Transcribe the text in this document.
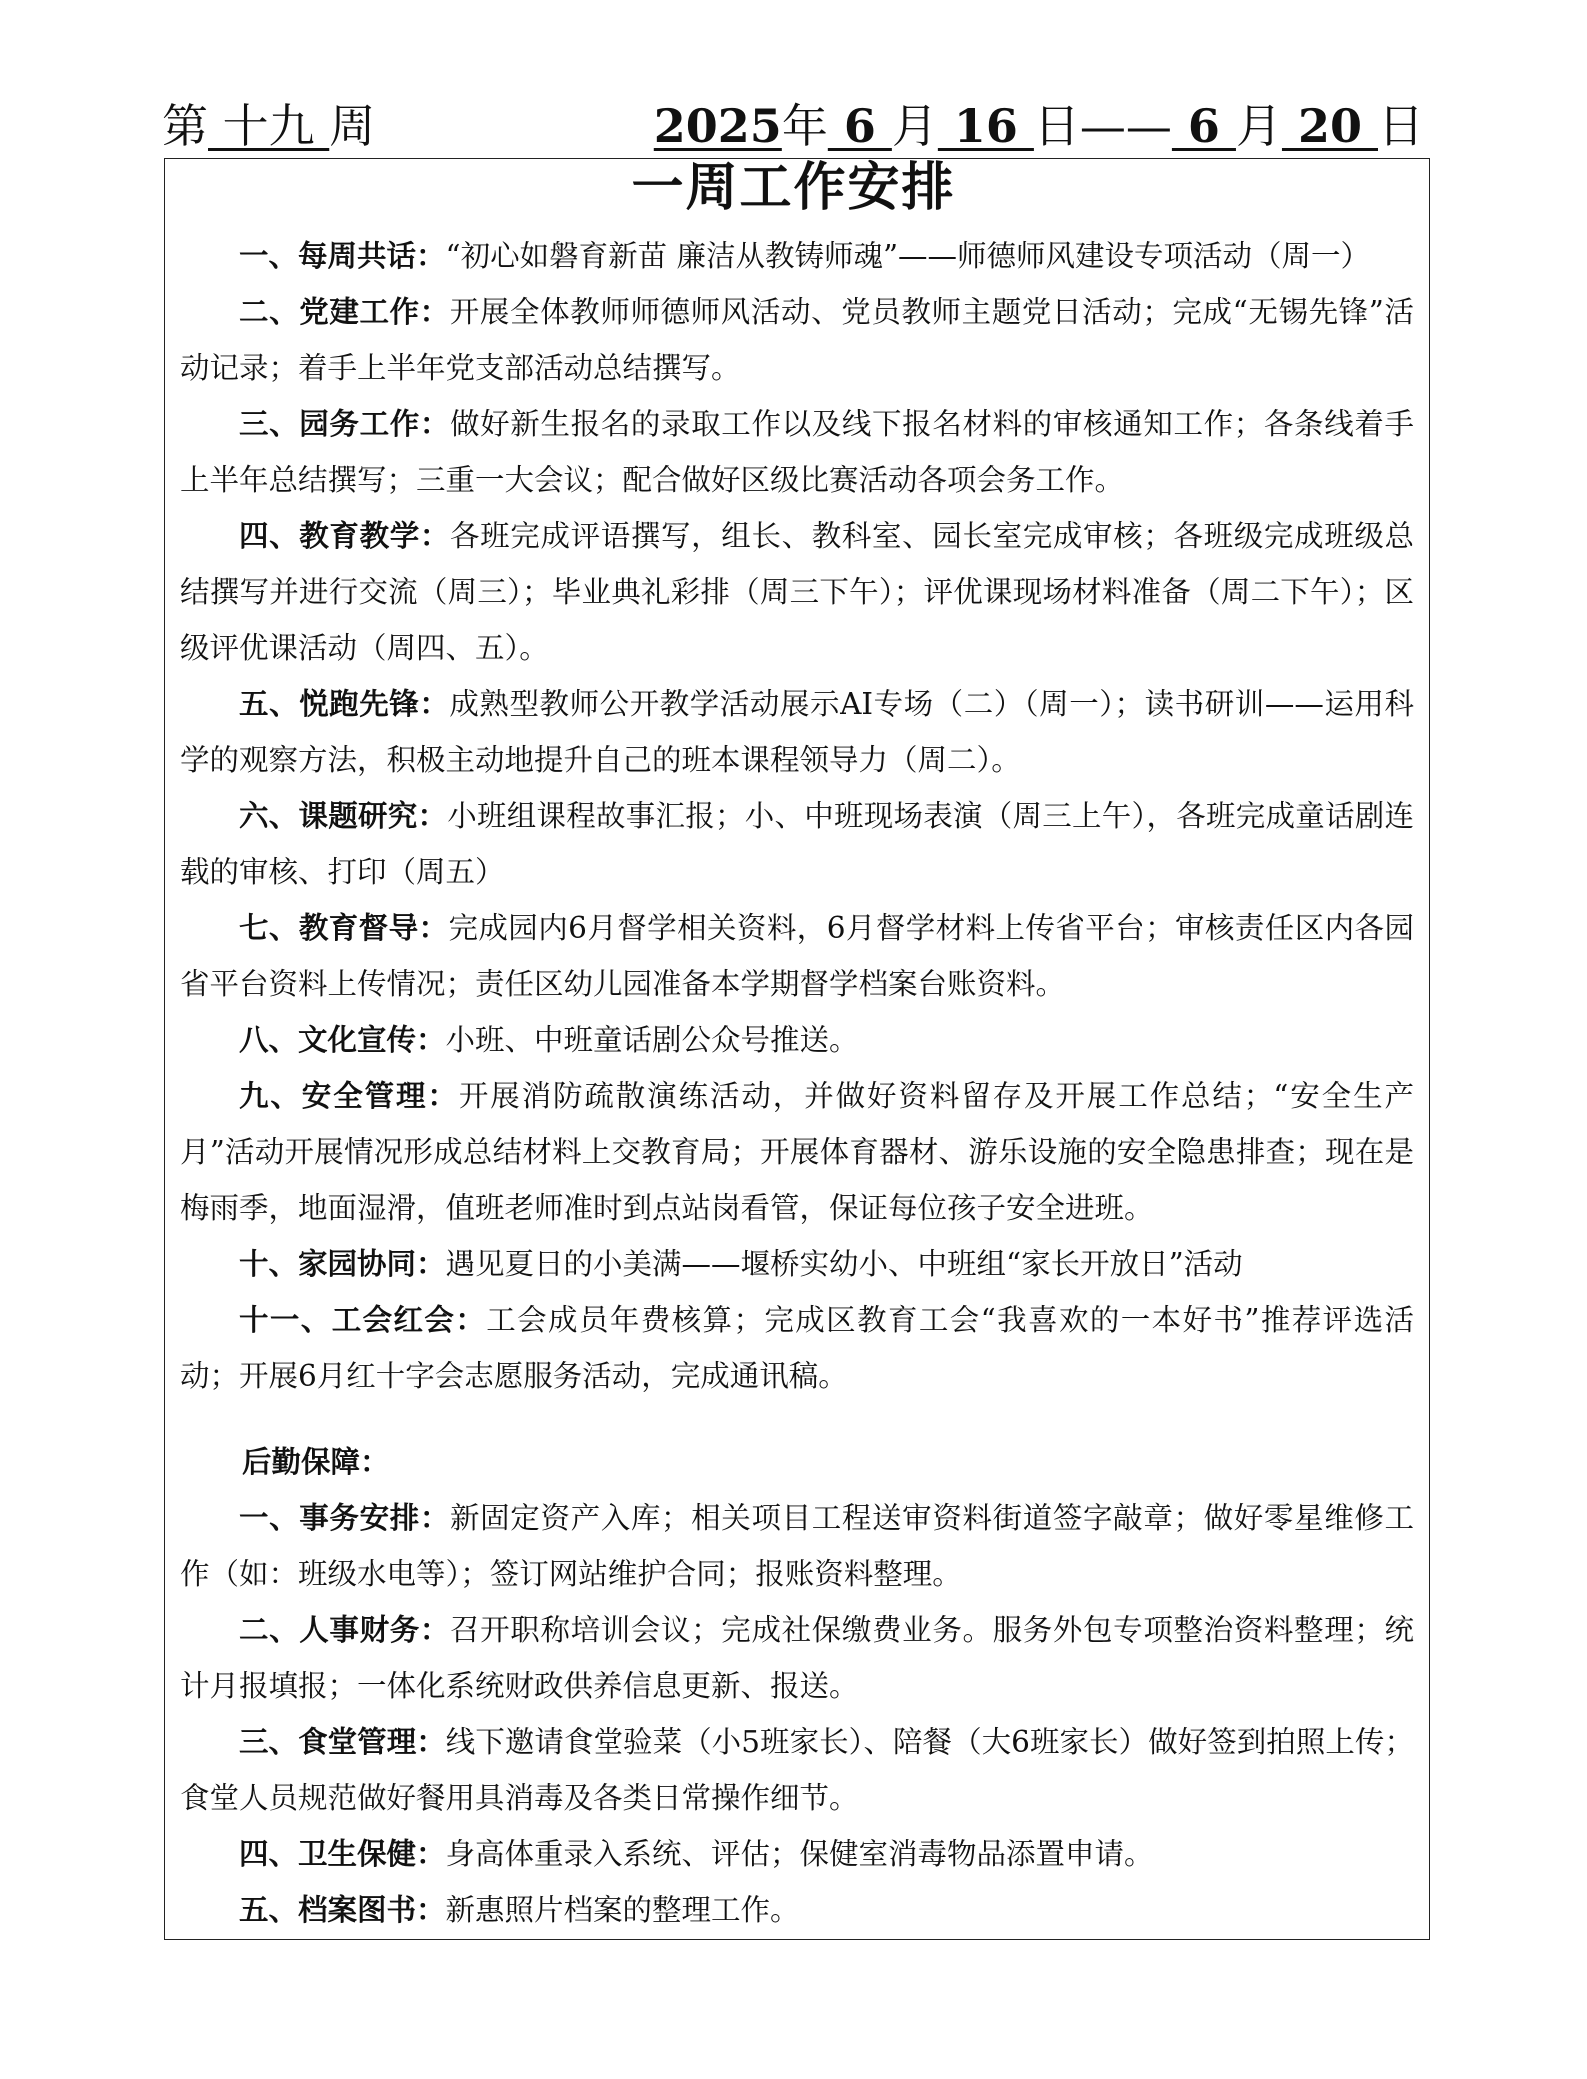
第 十九 周	2025年 6 月 16 日—— 6 月 20 日
一周工作安排

一、每周共话：“初心如磐育新苗 廉洁从教铸师魂”——师德师风建设专项活动（周一）

二、党建工作：开展全体教师师德师风活动、党员教师主题党日活动；完成“无锡先锋”活动记录；着手上半年党支部活动总结撰写。

三、园务工作：做好新生报名的录取工作以及线下报名材料的审核通知工作；各条线着手上半年总结撰写；三重一大会议；配合做好区级比赛活动各项会务工作。

四、教育教学：各班完成评语撰写，组长、教科室、园长室完成审核；各班级完成班级总结撰写并进行交流（周三）；毕业典礼彩排（周三下午）；评优课现场材料准备（周二下午）；区级评优课活动（周四、五）。

五、悦跑先锋：成熟型教师公开教学活动展示AI专场（二）（周一）；读书研训——运用科学的观察方法，积极主动地提升自己的班本课程领导力（周二）。

六、课题研究：小班组课程故事汇报；小、中班现场表演（周三上午），各班完成童话剧连载的审核、打印（周五）

七、教育督导：完成园内6月督学相关资料，6月督学材料上传省平台；审核责任区内各园省平台资料上传情况；责任区幼儿园准备本学期督学档案台账资料。

八、文化宣传：小班、中班童话剧公众号推送。

九、安全管理：开展消防疏散演练活动，并做好资料留存及开展工作总结；“安全生产月”活动开展情况形成总结材料上交教育局；开展体育器材、游乐设施的安全隐患排查；现在是梅雨季，地面湿滑，值班老师准时到点站岗看管，保证每位孩子安全进班。

十、家园协同：遇见夏日的小美满——堰桥实幼小、中班组“家长开放日”活动

十一、工会红会：工会成员年费核算；完成区教育工会“我喜欢的一本好书”推荐评选活动；开展6月红十字会志愿服务活动，完成通讯稿。

后勤保障：

一、事务安排：新固定资产入库；相关项目工程送审资料街道签字敲章；做好零星维修工作（如：班级水电等）；签订网站维护合同；报账资料整理。

二、人事财务：召开职称培训会议；完成社保缴费业务。服务外包专项整治资料整理；统计月报填报；一体化系统财政供养信息更新、报送。

三、食堂管理：线下邀请食堂验菜（小5班家长）、陪餐（大6班家长）做好签到拍照上传；食堂人员规范做好餐用具消毒及各类日常操作细节。

四、卫生保健：身高体重录入系统、评估；保健室消毒物品添置申请。

五、档案图书：新惠照片档案的整理工作。
